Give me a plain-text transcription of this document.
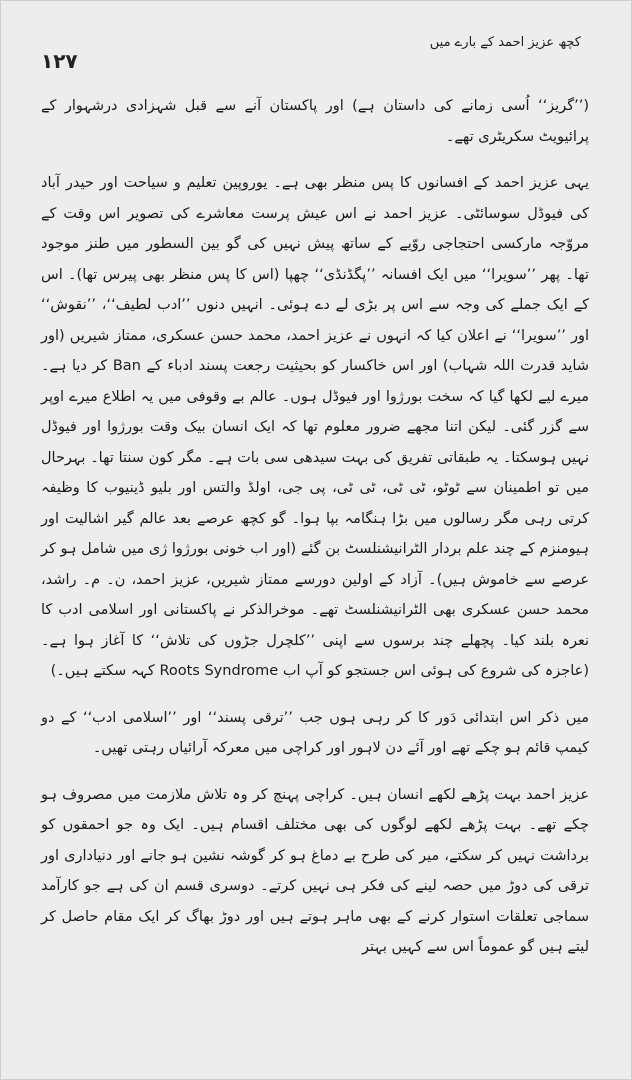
۱۲۷
کچھ عزیز احمد کے بارے میں

(’’گریز‘‘ اُسی زمانے کی داستان ہے) اور پاکستان آنے سے قبل شہزادی درشہوار کے پرائیویٹ سکریٹری تھے۔

یہی عزیز احمد کے افسانوں کا پس منظر بھی ہے۔ یوروپین تعلیم و سیاحت اور حیدر آباد کی فیوڈل سوسائٹی۔ عزیز احمد نے اس عیش پرست معاشرے کی تصویر اس وقت کے مروّجہ مارکسی احتجاجی روّیے کے ساتھ پیش نہیں کی گو بین السطور میں طنز موجود تھا۔ پھر ’’سویرا‘‘ میں ایک افسانہ ’’پگڈنڈی‘‘ چھپا (اس کا پس منظر بھی پیرس تھا)۔ اس کے ایک جملے کی وجہ سے اس پر بڑی لے دے ہوئی۔ انہیں دنوں ’’ادب لطیف‘‘، ’’نقوش‘‘ اور ’’سویرا‘‘ نے اعلان کیا کہ انہوں نے عزیز احمد، محمد حسن عسکری، ممتاز شیریں (اور شاید قدرت اللہ شہاب) اور اس خاکسار کو بحیثیت رجعت پسند ادباء کے Ban کر دیا ہے۔ میرے لیے لکھا گیا کہ سخت بورژوا اور فیوڈل ہوں۔ عالم بے وقوفی میں یہ اطلاع میرے اوپر سے گزر گئی۔ لیکن اتنا مجھے ضرور معلوم تھا کہ ایک انسان بیک وقت بورژوا اور فیوڈل نہیں ہوسکتا۔ یہ طبقاتی تفریق کی بہت سیدھی سی بات ہے۔ مگر کون سنتا تھا۔ بہرحال میں تو اطمینان سے ٹوٹو، ٹی ٹی، ٹی ٹی، پی جی، اولڈ والتس اور بلیو ڈینیوب کا وظیفہ کرتی رہی مگر رسالوں میں بڑا ہنگامہ بپا ہوا۔ گو کچھ عرصے بعد عالم گیر اشالیت اور ہیومنزم کے چند علم بردار الٹرانیشنلسٹ بن گئے (اور اب خونی بورژوا ژی میں شامل ہو کر عرصے سے خاموش ہیں)۔ آزاد کے اولین دورسے ممتاز شیریں، عزیز احمد، ن۔ م۔ راشد، محمد حسن عسکری بھی الٹرانیشنلسٹ تھے۔ موخرالذکر نے پاکستانی اور اسلامی ادب کا نعرہ بلند کیا۔ پچھلے چند برسوں سے اپنی ’’کلچرل جڑوں کی تلاش‘‘ کا آغاز ہوا ہے۔ (عاجزہ کی شروع کی ہوئی اس جستجو کو آپ اب Roots Syndrome کہہ سکتے ہیں۔)

میں ذکر اس ابتدائی دَور کا کر رہی ہوں جب ’’ترقی پسند‘‘ اور ’’اسلامی ادب‘‘ کے دو کیمپ قائم ہو چکے تھے اور آئے دن لاہور اور کراچی میں معرکہ آرائیاں رہتی تھیں۔

عزیز احمد بہت پڑھے لکھے انسان ہیں۔ کراچی پہنچ کر وہ تلاش ملازمت میں مصروف ہو چکے تھے۔ بہت پڑھے لکھے لوگوں کی بھی مختلف اقسام ہیں۔ ایک وہ جو احمقوں کو برداشت نہیں کر سکتے، میر کی طرح بے دماغ ہو کر گوشہ نشین ہو جانے اور دنیاداری اور ترقی کی دوڑ میں حصہ لینے کی فکر ہی نہیں کرتے۔ دوسری قسم ان کی ہے جو کارآمد سماجی تعلقات استوار کرنے کے بھی ماہر ہوتے ہیں اور دوڑ بھاگ کر ایک مقام حاصل کر لیتے ہیں گو عموماً اس سے کہیں بہتر
